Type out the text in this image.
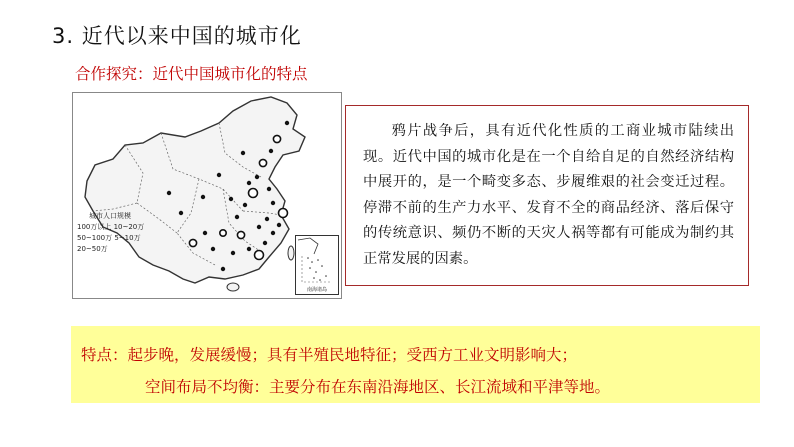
3. 近代以来中国的城市化
合作探究：近代中国城市化的特点
城市人口规模
100万以上 10~20万
50~100万 5~10万
20~50万
南海诸岛
鸦片战争后，具有近代化性质的工商业城市陆续出现。近代中国的城市化是在一个自给自足的自然经济结构中展开的，是一个畸变多态、步履维艰的社会变迁过程。停滞不前的生产力水平、发育不全的商品经济、落后保守的传统意识、频仍不断的天灾人祸等都有可能成为制约其正常发展的因素。
特点：起步晚，发展缓慢；具有半殖民地特征；受西方工业文明影响大；
空间布局不均衡：主要分布在东南沿海地区、长江流域和平津等地。
